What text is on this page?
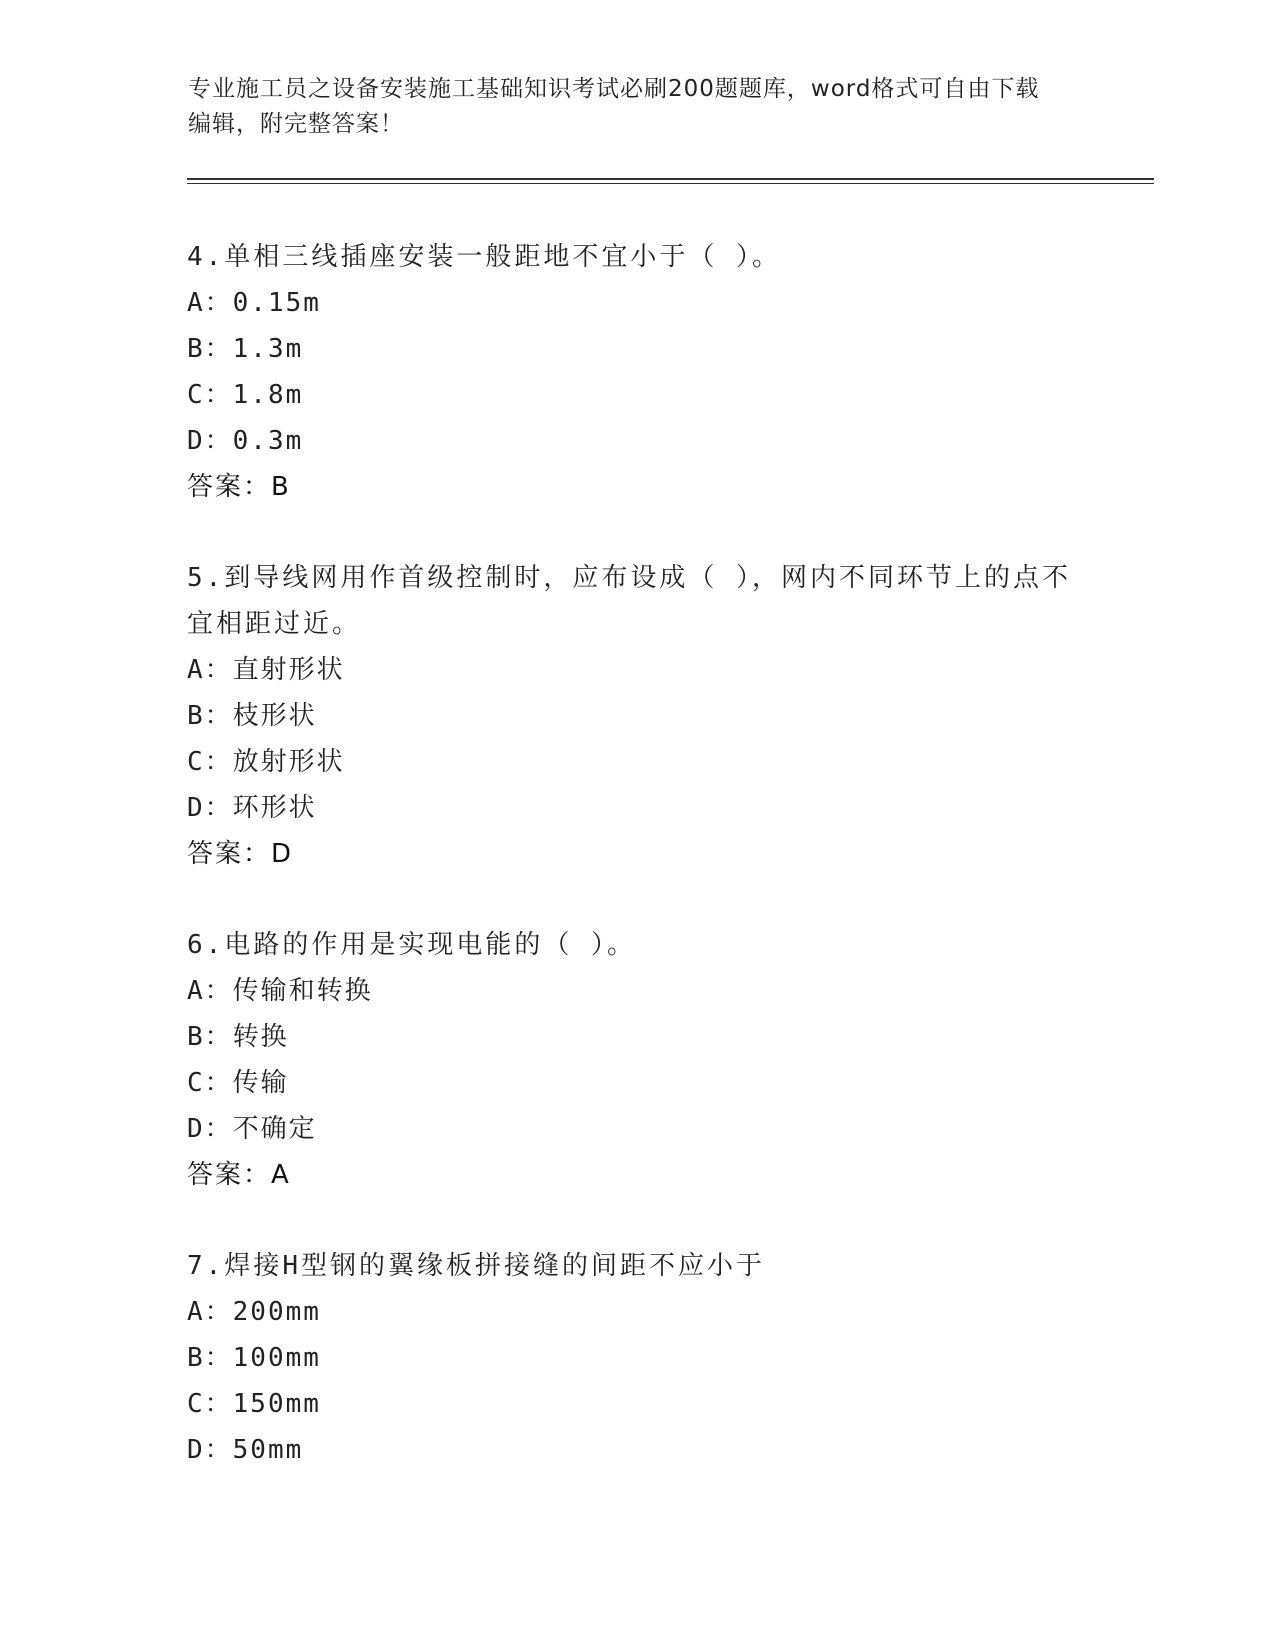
专业施工员之设备安装施工基础知识考试必刷200题题库，word格式可自由下载
编辑，附完整答案！

4.单相三线插座安装一般距地不宜小于（ ）。

A：0.15m

B：1.3m

C：1.8m

D：0.3m

答案：B

5.到导线网用作首级控制时，应布设成（ ），网内不同环节上的点不宜相距过近。

A：直射形状

B：枝形状

C：放射形状

D：环形状

答案：D

6.电路的作用是实现电能的（ ）。

A：传输和转换

B：转换

C：传输

D：不确定

答案：A

7.焊接H型钢的翼缘板拼接缝的间距不应小于

A：200mm

B：100mm

C：150mm

D：50mm
